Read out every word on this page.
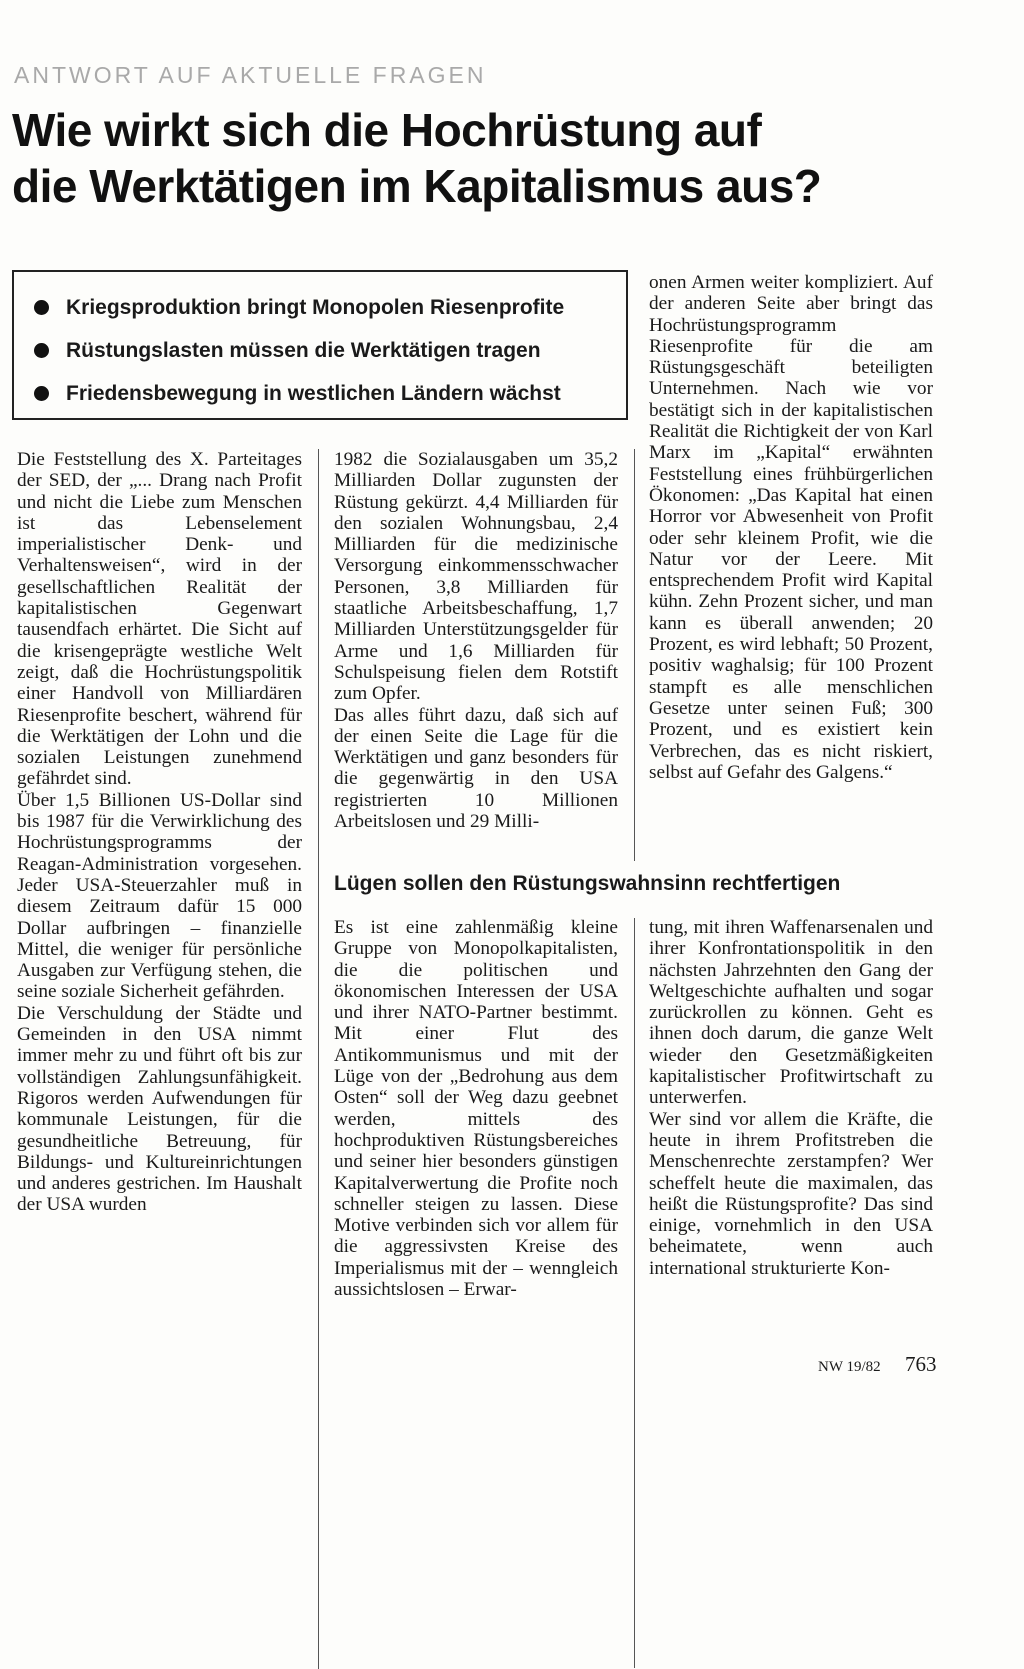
ANTWORT AUF AKTUELLE FRAGEN
Wie wirkt sich die Hochrüstung auf
die Werktätigen im Kapitalismus aus?
Kriegsproduktion bringt Monopolen Riesenprofite
Rüstungslasten müssen die Werktätigen tragen
Friedensbewegung in westlichen Ländern wächst

Die Feststellung des X. Parteitages der SED, der „... Drang nach Profit und nicht die Liebe zum Menschen ist das Lebenselement imperialistischer Denk- und Verhaltensweisen“, wird in der gesellschaftlichen Realität der kapitalistischen Gegenwart tausendfach erhärtet. Die Sicht auf die krisengeprägte westliche Welt zeigt, daß die Hochrüstungspolitik einer Handvoll von Milliardären Riesenprofite beschert, während für die Werktätigen der Lohn und die sozialen Leistungen zunehmend gefährdet sind.

Über 1,5 Billionen US-Dollar sind bis 1987 für die Verwirklichung des Hochrüstungsprogramms der Reagan-Administration vorgesehen. Jeder USA-Steuerzahler muß in diesem Zeitraum dafür 15 000 Dollar aufbringen – finanzielle Mittel, die weniger für persönliche Ausgaben zur Verfügung stehen, die seine soziale Sicherheit gefährden.

Die Verschuldung der Städte und Gemeinden in den USA nimmt immer mehr zu und führt oft bis zur vollständigen Zahlungsunfähigkeit. Rigoros werden Aufwendungen für kommunale Leistungen, für die gesundheitliche Betreuung, für Bildungs- und Kultureinrichtungen und anderes gestrichen. Im Haushalt der USA wurden

1982 die Sozialausgaben um 35,2 Milliarden Dollar zugunsten der Rüstung gekürzt. 4,4 Milliarden für den sozialen Wohnungsbau, 2,4 Milliarden für die medizinische Versorgung einkommensschwacher Personen, 3,8 Milliarden für staatliche Arbeitsbeschaffung, 1,7 Milliarden Unterstützungsgelder für Arme und 1,6 Milliarden für Schulspeisung fielen dem Rotstift zum Opfer.

Das alles führt dazu, daß sich auf der einen Seite die Lage für die Werktätigen und ganz besonders für die gegenwärtig in den USA registrierten 10 Millionen Arbeitslosen und 29 Milli-

onen Armen weiter kompliziert. Auf der anderen Seite aber bringt das Hochrüstungsprogramm Riesenprofite für die am Rüstungsgeschäft beteiligten Unternehmen. Nach wie vor bestätigt sich in der kapitalistischen Realität die Richtigkeit der von Karl Marx im „Kapital“ erwähnten Feststellung eines frühbürgerlichen Ökonomen: „Das Kapital hat einen Horror vor Abwesenheit von Profit oder sehr kleinem Profit, wie die Natur vor der Leere. Mit entsprechendem Profit wird Kapital kühn. Zehn Prozent sicher, und man kann es überall anwenden; 20 Prozent, es wird lebhaft; 50 Prozent, positiv waghalsig; für 100 Prozent stampft es alle menschlichen Gesetze unter seinen Fuß; 300 Prozent, und es existiert kein Verbrechen, das es nicht riskiert, selbst auf Gefahr des Galgens.“

Lügen sollen den Rüstungswahnsinn rechtfertigen

Es ist eine zahlenmäßig kleine Gruppe von Monopolkapitalisten, die die politischen und ökonomischen Interessen der USA und ihrer NATO-Partner bestimmt. Mit einer Flut des Antikommunismus und mit der Lüge von der „Bedrohung aus dem Osten“ soll der Weg dazu geebnet werden, mittels des hochproduktiven Rüstungsbereiches und seiner hier besonders günstigen Kapitalverwertung die Profite noch schneller steigen zu lassen. Diese Motive verbinden sich vor allem für die aggressivsten Kreise des Imperialismus mit der – wenngleich aussichtslosen – Erwar-

tung, mit ihren Waffenarsenalen und ihrer Konfrontationspolitik in den nächsten Jahrzehnten den Gang der Weltgeschichte aufhalten und sogar zurückrollen zu können. Geht es ihnen doch darum, die ganze Welt wieder den Gesetzmäßigkeiten kapitalistischer Profitwirtschaft zu unterwerfen.

Wer sind vor allem die Kräfte, die heute in ihrem Profitstreben die Menschenrechte zerstampfen? Wer scheffelt heute die maximalen, das heißt die Rüstungsprofite? Das sind einige, vornehmlich in den USA beheimatete, wenn auch international strukturierte Kon-

NW 19/82 763
